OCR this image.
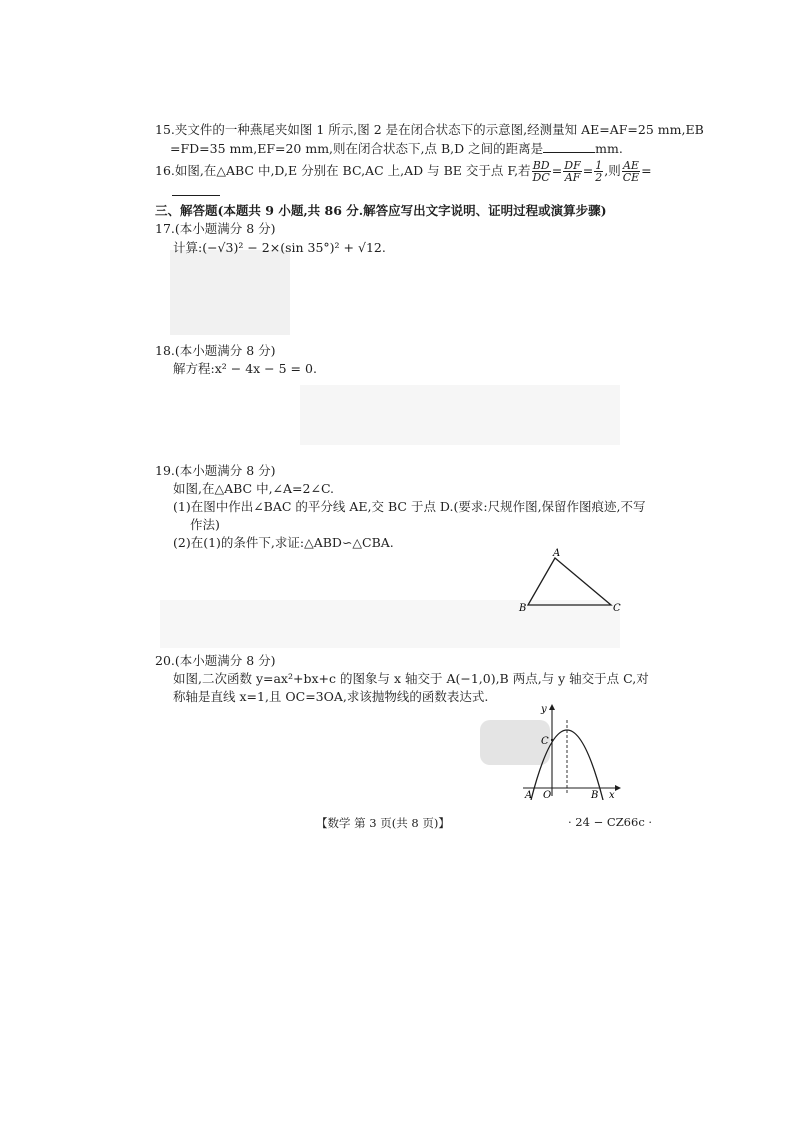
15.夹文件的一种燕尾夹如图 1 所示,图 2 是在闭合状态下的示意图,经测量知 AE=AF=25 mm,EB
=FD=35 mm,EF=20 mm,则在闭合状态下,点 B,D 之间的距离是	mm.
16.如图,在△ABC 中,D,E 分别在 BC,AC 上,AD 与 BE 交于点 F,若 $\frac{BD}{DC} = \frac{DF}{AF} = \frac{1}{2}$ ,则 $\frac{AE}{CE}$ =
三、解答题(本题共 9 小题,共 86 分.解答应写出文字说明、证明过程或演算步骤)
17.(本小题满分 8 分)
计算:(−√3)² − 2×(sin 35°)² + √12.
18.(本小题满分 8 分)
解方程:x² − 4x − 5 = 0.
19.(本小题满分 8 分)
如图,在△ABC 中,∠A=2∠C.
(1)在图中作出∠BAC 的平分线 AE,交 BC 于点 D.(要求:尺规作图,保留作图痕迹,不写
作法)
(2)在(1)的条件下,求证:△ABD∽△CBA.
A
B	C
20.(本小题满分 8 分)
如图,二次函数 y=ax²+bx+c 的图象与 x 轴交于 A(−1,0),B 两点,与 y 轴交于点 C,对
称轴是直线 x=1,且 OC=3OA,求该抛物线的函数表达式.
y
x
C
A O	B
【数学 第 3 页(共 8 页)】	· 24 − CZ66c ·
